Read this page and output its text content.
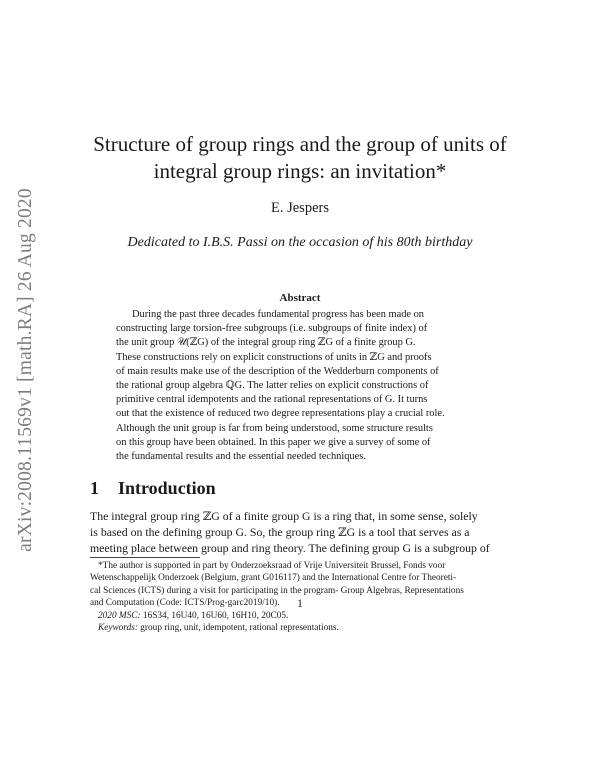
arXiv:2008.11569v1 [math.RA] 26 Aug 2020
Structure of group rings and the group of units of
integral group rings: an invitation*
E. Jespers
Dedicated to I.B.S. Passi on the occasion of his 80th birthday
Abstract
During the past three decades fundamental progress has been made on
constructing large torsion-free subgroups (i.e. subgroups of finite index) of
the unit group 𝒰(ℤG) of the integral group ring ℤG of a finite group G.
These constructions rely on explicit constructions of units in ℤG and proofs
of main results make use of the description of the Wedderburn components of
the rational group algebra ℚG. The latter relies on explicit constructions of
primitive central idempotents and the rational representations of G. It turns
out that the existence of reduced two degree representations play a crucial role.
Although the unit group is far from being understood, some structure results
on this group have been obtained. In this paper we give a survey of some of
the fundamental results and the essential needed techniques.
1 Introduction
The integral group ring ℤG of a finite group G is a ring that, in some sense, solely
is based on the defining group G. So, the group ring ℤG is a tool that serves as a
meeting place between group and ring theory. The defining group G is a subgroup of
*The author is supported in part by Onderzoeksraad of Vrije Universiteit Brussel, Fonds voor
Wetenschappelijk Onderzoek (Belgium, grant G016117) and the International Centre for Theoreti-
cal Sciences (ICTS) during a visit for participating in the program- Group Algebras, Representations
and Computation (Code: ICTS/Prog-garc2019/10).
2020 MSC: 16S34, 16U40, 16U60, 16H10, 20C05.
Keywords: group ring, unit, idempotent, rational representations.
1
